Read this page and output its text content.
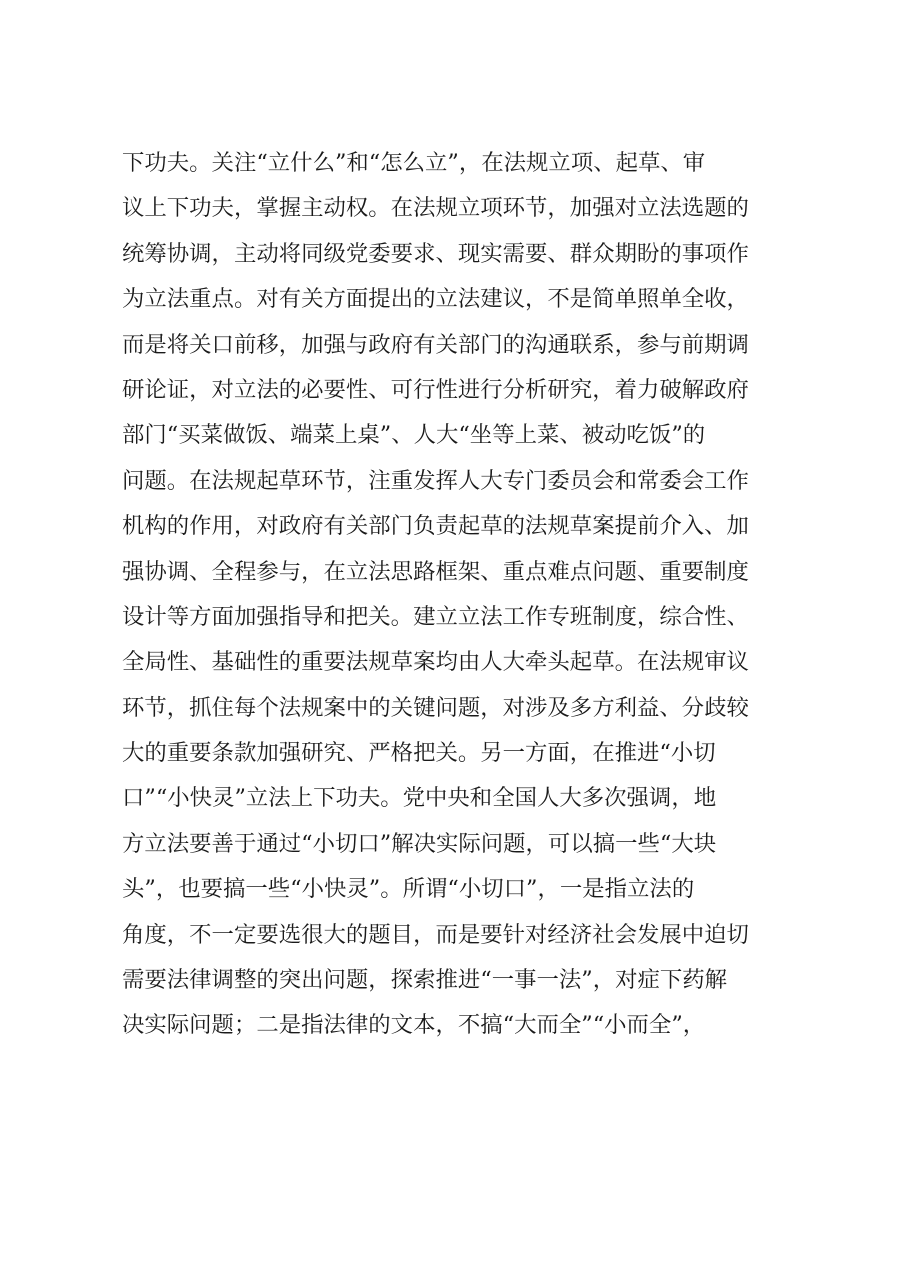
下功夫。关注“立什么”和“怎么立”，在法规立项、起草、审
议上下功夫，掌握主动权。在法规立项环节，加强对立法选题的
统筹协调，主动将同级党委要求、现实需要、群众期盼的事项作
为立法重点。对有关方面提出的立法建议，不是简单照单全收，
而是将关口前移，加强与政府有关部门的沟通联系，参与前期调
研论证，对立法的必要性、可行性进行分析研究，着力破解政府
部门“买菜做饭、端菜上桌”、人大“坐等上菜、被动吃饭”的
问题。在法规起草环节，注重发挥人大专门委员会和常委会工作
机构的作用，对政府有关部门负责起草的法规草案提前介入、加
强协调、全程参与，在立法思路框架、重点难点问题、重要制度
设计等方面加强指导和把关。建立立法工作专班制度，综合性、
全局性、基础性的重要法规草案均由人大牵头起草。在法规审议
环节，抓住每个法规案中的关键问题，对涉及多方利益、分歧较
大的重要条款加强研究、严格把关。另一方面，在推进“小切
口”“小快灵”立法上下功夫。党中央和全国人大多次强调，地
方立法要善于通过“小切口”解决实际问题，可以搞一些“大块
头”，也要搞一些“小快灵”。所谓“小切口”，一是指立法的
角度，不一定要选很大的题目，而是要针对经济社会发展中迫切
需要法律调整的突出问题，探索推进“一事一法”，对症下药解
决实际问题；二是指法律的文本，不搞“大而全”“小而全”，
